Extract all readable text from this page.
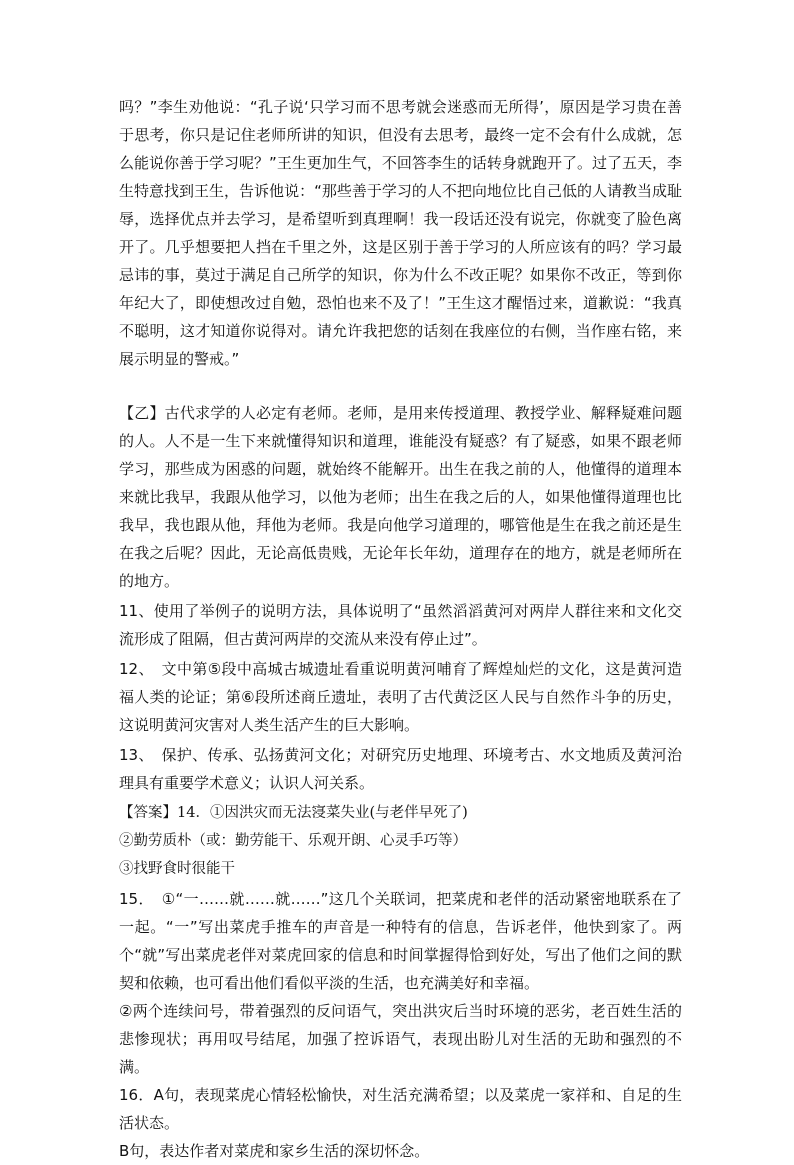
吗？”李生劝他说：“孔子说‘只学习而不思考就会迷惑而无所得’，原因是学习贵在善于思考，你只是记住老师所讲的知识，但没有去思考，最终一定不会有什么成就，怎么能说你善于学习呢？”王生更加生气，不回答李生的话转身就跑开了。过了五天，李生特意找到王生，告诉他说：“那些善于学习的人不把向地位比自己低的人请教当成耻辱，选择优点并去学习，是希望听到真理啊！我一段话还没有说完，你就变了脸色离开了。几乎想要把人挡在千里之外，这是区别于善于学习的人所应该有的吗？学习最忌讳的事，莫过于满足自己所学的知识，你为什么不改正呢？如果你不改正，等到你年纪大了，即使想改过自勉，恐怕也来不及了！”王生这才醒悟过来，道歉说：“我真不聪明，这才知道你说得对。请允许我把您的话刻在我座位的右侧，当作座右铭，来展示明显的警戒。”

【乙】古代求学的人必定有老师。老师，是用来传授道理、教授学业、解释疑难问题的人。人不是一生下来就懂得知识和道理，谁能没有疑惑？有了疑惑，如果不跟老师学习，那些成为困惑的问题，就始终不能解开。出生在我之前的人，他懂得的道理本来就比我早，我跟从他学习，以他为老师；出生在我之后的人，如果他懂得道理也比我早，我也跟从他，拜他为老师。我是向他学习道理的，哪管他是生在我之前还是生在我之后呢？因此，无论高低贵贱，无论年长年幼，道理存在的地方，就是老师所在的地方。

11、使用了举例子的说明方法，具体说明了“虽然滔滔黄河对两岸人群往来和文化交流形成了阻隔，但古黄河两岸的交流从来没有停止过”。

12、　文中第⑤段中高城古城遗址看重说明黄河哺育了辉煌灿烂的文化，这是黄河造福人类的论证；第⑥段所述商丘遗址，表明了古代黄泛区人民与自然作斗争的历史，这说明黄河灾害对人类生活产生的巨大影响。

13、　保护、传承、弘扬黄河文化；对研究历史地理、环境考古、水文地质及黄河治理具有重要学术意义；认识人河关系。

【答案】14．①因洪灾而无法寖菜失业(与老伴早死了)

②勤劳质朴（或：勤劳能干、乐观开朗、心灵手巧等）

③找野食时很能干

15．　①“一……就……就……”这几个关联词，把菜虎和老伴的活动紧密地联系在了一起。“一”写出菜虎手推车的声音是一种特有的信息，告诉老伴，他快到家了。两个“就”写出菜虎老伴对菜虎回家的信息和时间掌握得恰到好处，写出了他们之间的默契和依赖，也可看出他们看似平淡的生活，也充满美好和幸福。

②两个连续问号，带着强烈的反问语气，突出洪灾后当时环境的恶劣，老百姓生活的悲惨现状；再用叹号结尾，加强了控诉语气，表现出盼儿对生活的无助和强烈的不满。

16．A句，表现菜虎心情轻松愉快，对生活充满希望；以及菜虎一家祥和、自足的生活状态。

B句，表达作者对菜虎和家乡生活的深切怀念。
